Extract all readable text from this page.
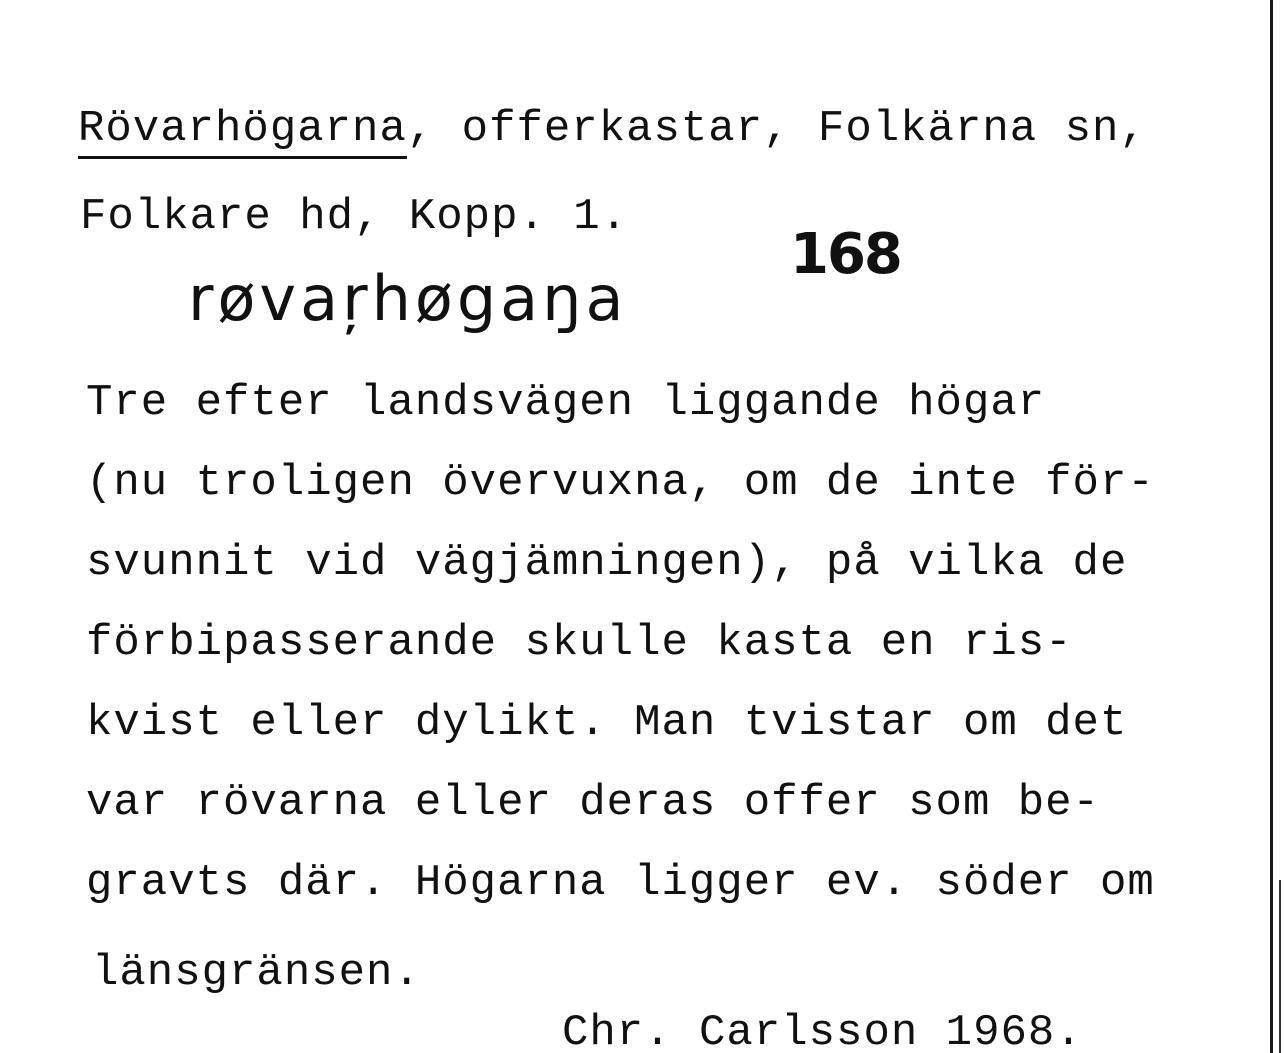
Rövarhögarna, offerkastar, Folkärna sn,
Folkare hd, Kopp. 1.
røvaŗhøgaŋa
168
Tre efter landsvägen liggande högar
(nu troligen övervuxna, om de inte för-
svunnit vid vägjämningen), på vilka de
förbipasserande skulle kasta en ris-
kvist eller dylikt. Man tvistar om det
var rövarna eller deras offer som be-
gravts där. Högarna ligger ev. söder om
länsgränsen.
Chr. Carlsson 1968.
